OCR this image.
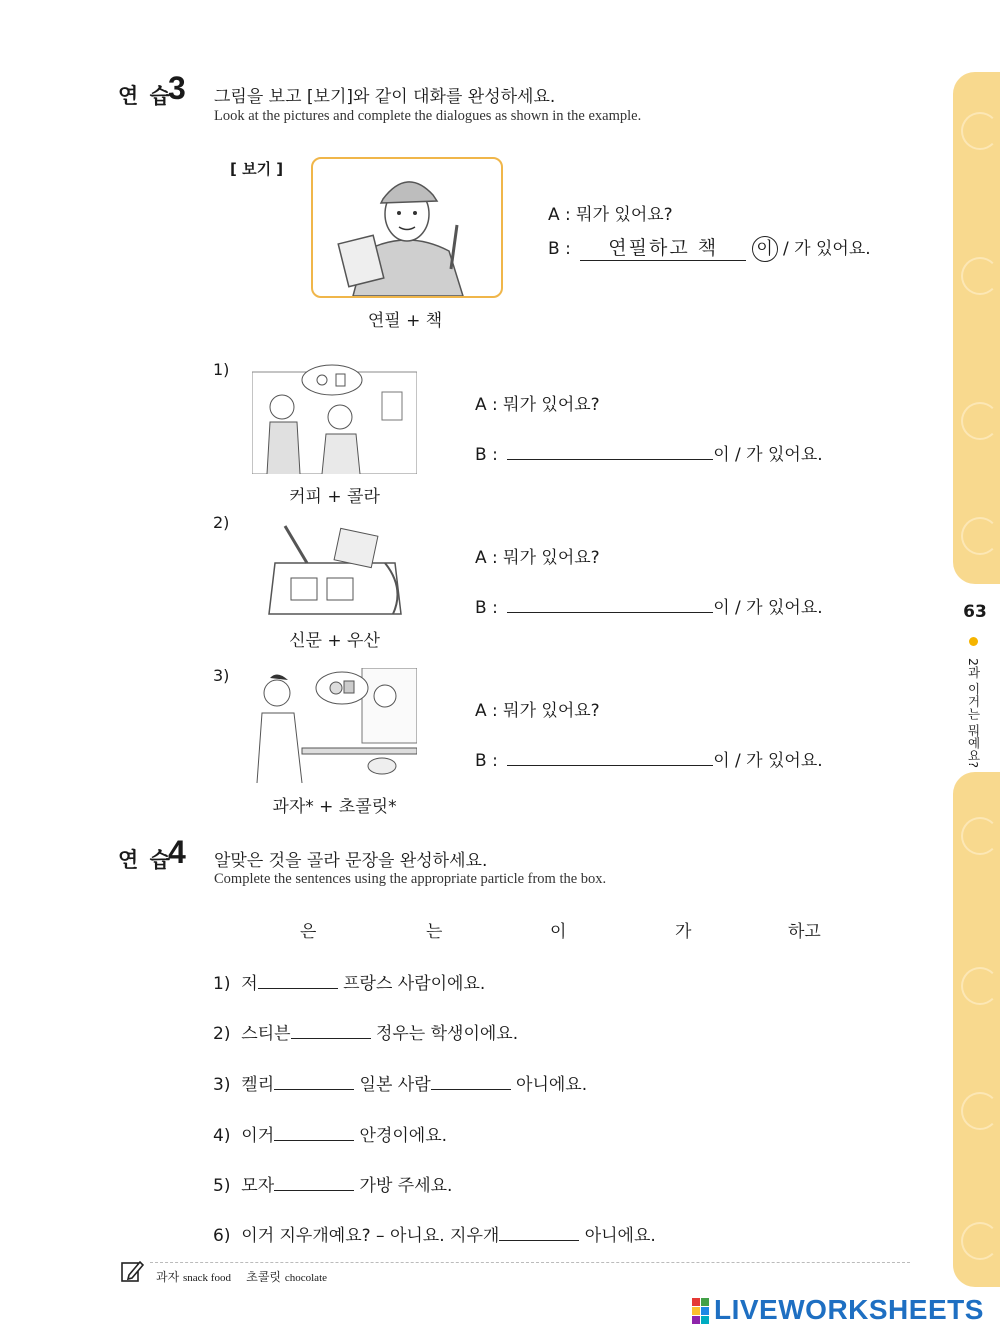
연 습
3 그림을 보고 [보기]와 같이 대화를 완성하세요.
Look at the pictures and complete the dialogues as shown in the example.
[ 보기 ]
연필 + 책
A : 뭐가 있어요?
B : 연필하고 책 이 / 가 있어요.
1)
커피 + 콜라
A : 뭐가 있어요?
B :	이 / 가 있어요.
2)
신문 + 우산
A : 뭐가 있어요?
B :	이 / 가 있어요.
3)
과자* + 초콜릿*
A : 뭐가 있어요?
B :	이 / 가 있어요.
연 습
4 알맞은 것을 골라 문장을 완성하세요.
Complete the sentences using the appropriate particle from the box.
은	는	이	가	하고
1) 저	프랑스 사람이에요.
2) 스티븐	정우는 학생이에요.
3) 켈리	일본 사람	아니에요.
4) 이거	안경이에요.
5) 모자	가방 주세요.
6) 이거 지우개예요? – 아니요. 지우개	아니에요.
과자 snack food 초콜릿 chocolate
LIVEWORKSHEETS
63
2과 이거는 뭐예요?
